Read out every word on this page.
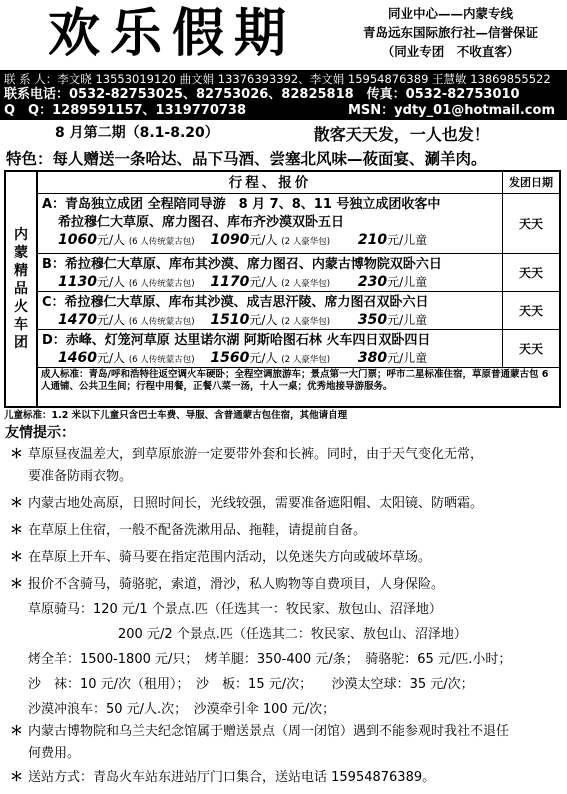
欢乐假期	同业中心——内蒙专线
青岛远东国际旅行社—信誉保证
（同业专团　不收直客）
联 系 人：李文晓 13553019120 曲文娟 13376393392、李文娟 15954876389 王慧敏 13869855522
联系电话：0532-82753025、82753026、82825818　传真：0532-82753010
Q　Q：1289591157、1319770738	MSN：ydty_01@hotmail.com
8 月第二期（8.1-8.20）	散客天天发，一人也发！
特色：每人赠送一条哈达、品下马酒、尝塞北风味—莜面宴、涮羊肉。
内蒙精品火车团
行程、报价	发团日期
A：青岛独立成团 全程陪同导游　8 月 7、8、11 号独立成团收客中
希拉穆仁大草原、席力图召、库布齐沙漠双卧五日
1060元/人 (6 人传统蒙古包)　 1090元/人 (2 人豪华包)　　 210元/儿童
天天
B：希拉穆仁大草原、库布其沙漠、席力图召、内蒙古博物院双卧六日
1130元/人 (6 人传统蒙古包)　 1170元/人 (2 人豪华包)　　 230元/儿童
天天
C：希拉穆仁大草原、库布其沙漠、成吉思汗陵、席力图召双卧六日
1470元/人 (6 人传统蒙古包)　 1510元/人 (2 人豪华包)　　 350元/儿童
天天
D：赤峰、灯笼河草原 达里诺尔湖 阿斯哈图石林 火车四日双卧四日
1460元/人 (6 人传统蒙古包)　 1560元/人 (2 人豪华包)　　 380元/儿童
天天
成人标准：青岛/呼和浩特往返空调火车硬卧；全程空调旅游车；景点第一大门票；呼市二星标准住宿，草原普通蒙古包 6 人通铺、公共卫生间；行程中用餐，正餐八菜一汤，十人一桌；优秀地接导游服务。
儿童标准：1.2 米以下儿童只含巴士车费、导服、含普通蒙古包住宿，其他请自理
友情提示：
＊ 草原昼夜温差大，到草原旅游一定要带外套和长裤。同时，由于天气变化无常，
要准备防雨衣物。
＊ 内蒙古地处高原，日照时间长，光线较强，需要准备遮阳帽、太阳镜、防晒霜。
＊ 在草原上住宿，一般不配备洗漱用品、拖鞋，请提前自备。
＊ 在草原上开车、骑马要在指定范围内活动，以免迷失方向或破坏草场。
＊ 报价不含骑马，骑骆驼，索道，滑沙，私人购物等自费项目，人身保险。
草原骑马：120 元/1 个景点.匹（任选其一：牧民家、敖包山、沼泽地）
200 元/2 个景点.匹（任选其二：牧民家、敖包山、沼泽地）
烤全羊：1500-1800 元/只；　烤羊腿：350-400 元/条；　骑骆驼：65 元/匹.小时；
沙　袜：10 元/次（租用）；　沙　板：15 元/次；　　沙漠太空球：35 元/次；
沙漠冲浪车：50 元/人.次；　沙漠牵引伞 100 元/次；
＊ 内蒙古博物院和乌兰夫纪念馆属于赠送景点（周一闭馆）遇到不能参观时我社不退任
何费用。
＊ 送站方式：青岛火车站东进站厅门口集合，送站电话 15954876389。
